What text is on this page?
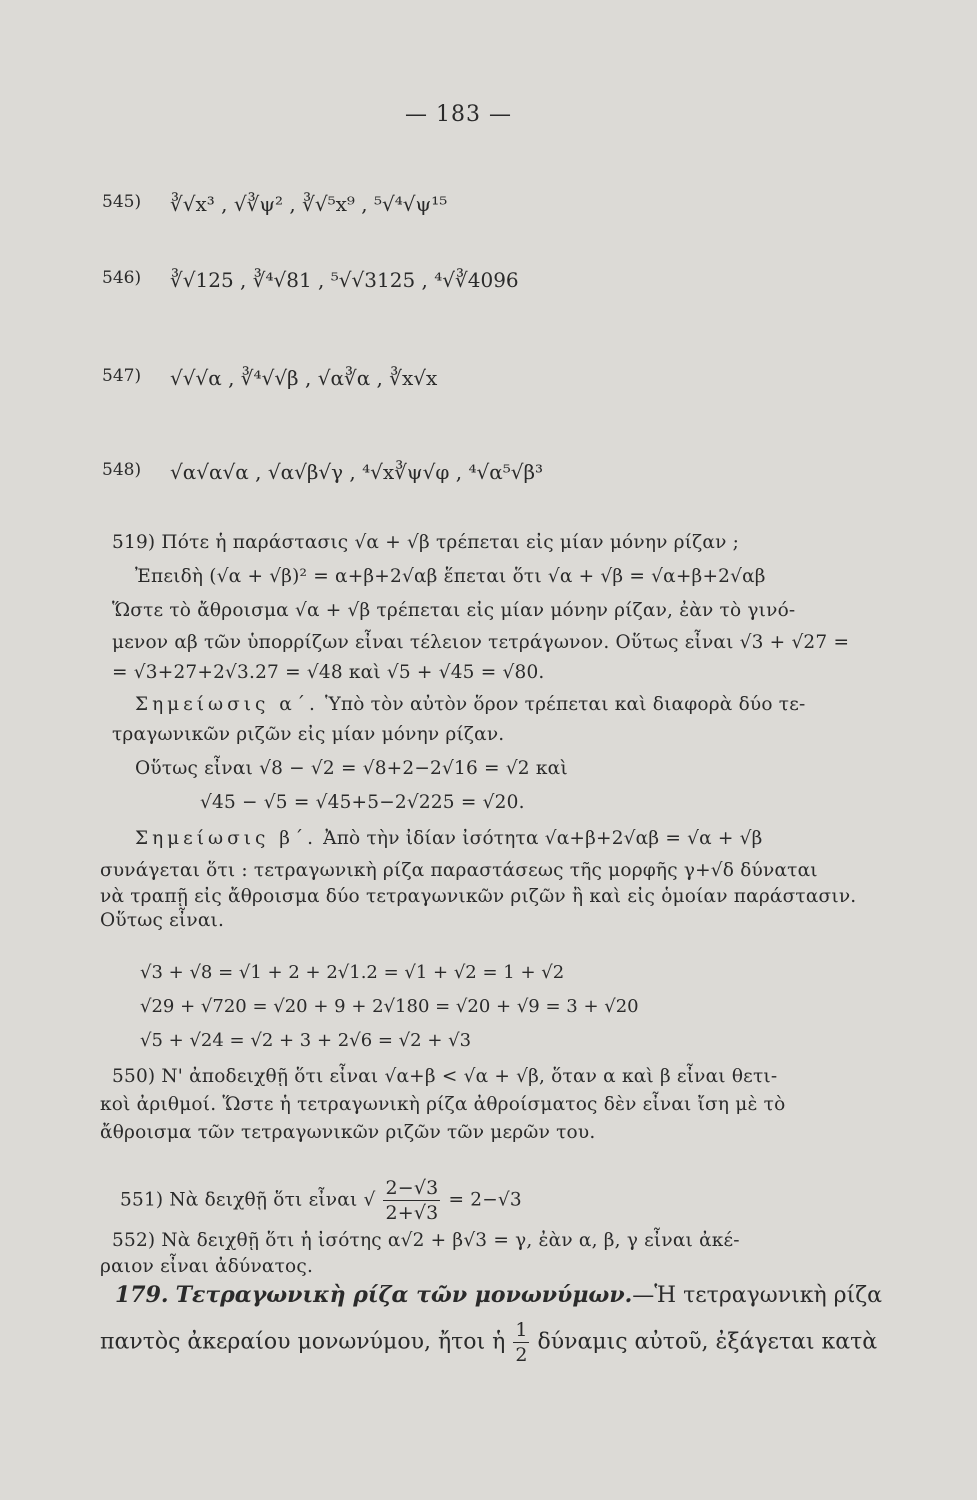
— 183 —
545) ∛√x³ , √∛ψ² , ∛√⁵x⁹ , ⁵√⁴√ψ¹⁵
546) ∛√125 , ∛⁴√81 , ⁵√√3125 , ⁴√∛4096
547) √√√α , ∛⁴√√β , √α∛α , ∛x√x
548) √α√α√α , √α√β√γ , ⁴√x∛ψ√φ , ⁴√α⁵√β³
519) Πότε ἡ παράστασις √α + √β τρέπεται εἰς μίαν μόνην ρίζαν ;
Ἐπειδὴ (√α + √β)² = α+β+2√αβ ἕπεται ὅτι √α + √β = √α+β+2√αβ
Ὥστε τὸ ἄθροισμα √α + √β τρέπεται εἰς μίαν μόνην ρίζαν, ἐὰν τὸ γινό-
μενον αβ τῶν ὑπορρίζων εἶναι τέλειον τετράγωνον. Οὕτως εἶναι √3 + √27 =
= √3+27+2√3.27 = √48 καὶ √5 + √45 = √80.
Σημείωσις α΄. Ὑπὸ τὸν αὐτὸν ὅρον τρέπεται καὶ διαφορὰ δύο τε-
τραγωνικῶν ριζῶν εἰς μίαν μόνην ρίζαν.
Οὕτως εἶναι √8 − √2 = √8+2−2√16 = √2 καὶ
√45 − √5 = √45+5−2√225 = √20.
Σημείωσις β΄. Ἀπὸ τὴν ἰδίαν ἰσότητα √α+β+2√αβ = √α + √β
συνάγεται ὅτι : τετραγωνικὴ ρίζα παραστάσεως τῆς μορφῆς γ+√δ δύναται
νὰ τραπῇ εἰς ἄθροισμα δύο τετραγωνικῶν ριζῶν ἢ καὶ εἰς ὁμοίαν παράστασιν.
Οὕτως εἶναι.
√3 + √8 = √1 + 2 + 2√1.2 = √1 + √2 = 1 + √2
√29 + √720 = √20 + 9 + 2√180 = √20 + √9 = 3 + √20
√5 + √24 = √2 + 3 + 2√6 = √2 + √3
550) Ν' ἀποδειχθῇ ὅτι εἶναι √α+β < √α + √β, ὅταν α καὶ β εἶναι θετι-
κοὶ ἀριθμοί. Ὥστε ἡ τετραγωνικὴ ρίζα ἀθροίσματος δὲν εἶναι ἴση μὲ τὸ
ἄθροισμα τῶν τετραγωνικῶν ριζῶν τῶν μερῶν του.
551) Νὰ δειχθῇ ὅτι εἶναι √ $\frac{2-√3}{2+√3} = 2-√3$
552) Νὰ δειχθῇ ὅτι ἡ ἰσότης α√2 + β√3 = γ, ἐὰν α, β, γ εἶναι ἀκέ-
ραιον εἶναι ἀδύνατος.
179. Τετραγωνικὴ ρίζα τῶν μονωνύμων.—Ἡ τετραγωνικὴ ρίζα
παντὸς ἀκεραίου μονωνύμου, ἤτοι ἡ $\frac{1}{2}$ δύναμις αὐτοῦ, ἐξάγεται κατὰ
